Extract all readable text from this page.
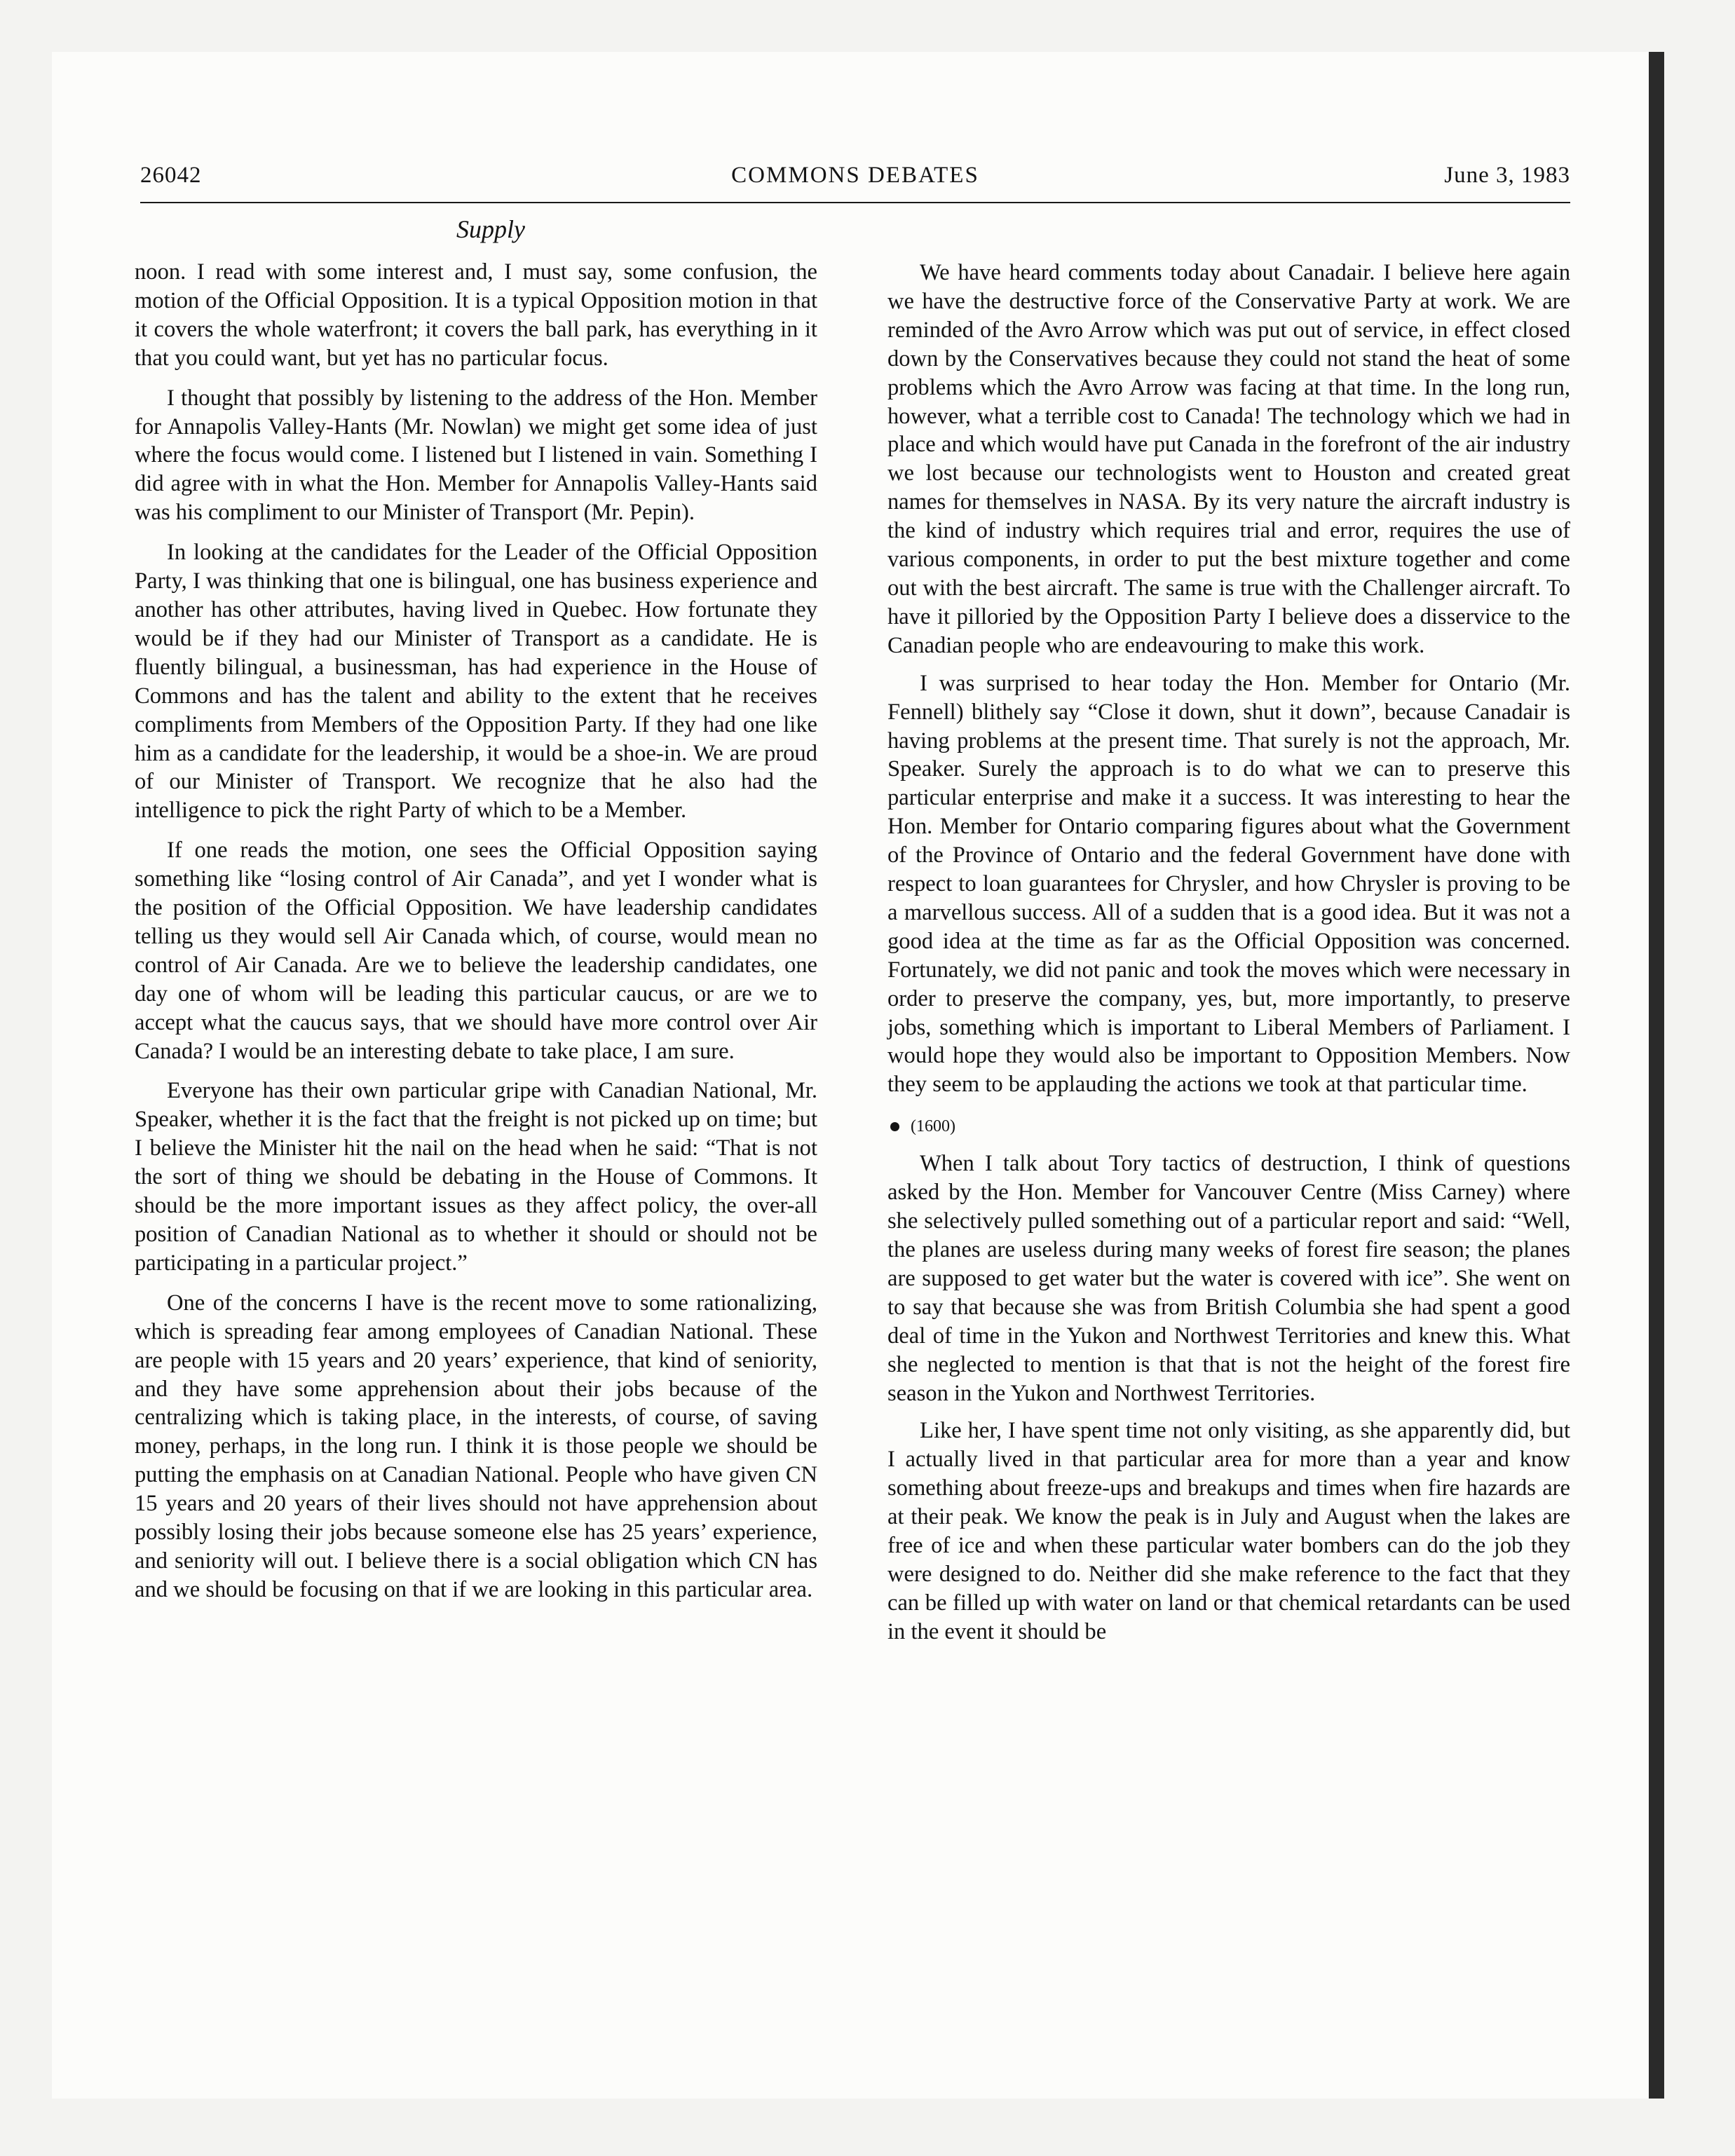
26042	COMMONS DEBATES	June 3, 1983
Supply

noon. I read with some interest and, I must say, some confusion, the motion of the Official Opposition. It is a typical Opposition motion in that it covers the whole waterfront; it covers the ball park, has everything in it that you could want, but yet has no particular focus.

I thought that possibly by listening to the address of the Hon. Member for Annapolis Valley-Hants (Mr. Nowlan) we might get some idea of just where the focus would come. I listened but I listened in vain. Something I did agree with in what the Hon. Member for Annapolis Valley-Hants said was his compliment to our Minister of Transport (Mr. Pepin).

In looking at the candidates for the Leader of the Official Opposition Party, I was thinking that one is bilingual, one has business experience and another has other attributes, having lived in Quebec. How fortunate they would be if they had our Minister of Transport as a candidate. He is fluently bilingual, a businessman, has had experience in the House of Commons and has the talent and ability to the extent that he receives compliments from Members of the Opposition Party. If they had one like him as a candidate for the leadership, it would be a shoe-in. We are proud of our Minister of Transport. We recognize that he also had the intelligence to pick the right Party of which to be a Member.

If one reads the motion, one sees the Official Opposition saying something like “losing control of Air Canada”, and yet I wonder what is the position of the Official Opposition. We have leadership candidates telling us they would sell Air Canada which, of course, would mean no control of Air Canada. Are we to believe the leadership candidates, one day one of whom will be leading this particular caucus, or are we to accept what the caucus says, that we should have more control over Air Canada? I would be an interesting debate to take place, I am sure.

Everyone has their own particular gripe with Canadian National, Mr. Speaker, whether it is the fact that the freight is not picked up on time; but I believe the Minister hit the nail on the head when he said: “That is not the sort of thing we should be debating in the House of Commons. It should be the more important issues as they affect policy, the over-all position of Canadian National as to whether it should or should not be participating in a particular project.”

One of the concerns I have is the recent move to some rationalizing, which is spreading fear among employees of Canadian National. These are people with 15 years and 20 years’ experience, that kind of seniority, and they have some apprehension about their jobs because of the centralizing which is taking place, in the interests, of course, of saving money, perhaps, in the long run. I think it is those people we should be putting the emphasis on at Canadian National. People who have given CN 15 years and 20 years of their lives should not have apprehension about possibly losing their jobs because someone else has 25 years’ experience, and seniority will out. I believe there is a social obligation which CN has and we should be focusing on that if we are looking in this particular area.

We have heard comments today about Canadair. I believe here again we have the destructive force of the Conservative Party at work. We are reminded of the Avro Arrow which was put out of service, in effect closed down by the Conservatives because they could not stand the heat of some problems which the Avro Arrow was facing at that time. In the long run, however, what a terrible cost to Canada! The technology which we had in place and which would have put Canada in the forefront of the air industry we lost because our technologists went to Houston and created great names for themselves in NASA. By its very nature the aircraft industry is the kind of industry which requires trial and error, requires the use of various components, in order to put the best mixture together and come out with the best aircraft. The same is true with the Challenger aircraft. To have it pilloried by the Opposition Party I believe does a disservice to the Canadian people who are endeavouring to make this work.

I was surprised to hear today the Hon. Member for Ontario (Mr. Fennell) blithely say “Close it down, shut it down”, because Canadair is having problems at the present time. That surely is not the approach, Mr. Speaker. Surely the approach is to do what we can to preserve this particular enterprise and make it a success. It was interesting to hear the Hon. Member for Ontario comparing figures about what the Government of the Province of Ontario and the federal Government have done with respect to loan guarantees for Chrysler, and how Chrysler is proving to be a marvellous success. All of a sudden that is a good idea. But it was not a good idea at the time as far as the Official Opposition was concerned. Fortunately, we did not panic and took the moves which were necessary in order to preserve the company, yes, but, more importantly, to preserve jobs, something which is important to Liberal Members of Parliament. I would hope they would also be important to Opposition Members. Now they seem to be applauding the actions we took at that particular time.

(1600)

When I talk about Tory tactics of destruction, I think of questions asked by the Hon. Member for Vancouver Centre (Miss Carney) where she selectively pulled something out of a particular report and said: “Well, the planes are useless during many weeks of forest fire season; the planes are supposed to get water but the water is covered with ice”. She went on to say that because she was from British Columbia she had spent a good deal of time in the Yukon and Northwest Territories and knew this. What she neglected to mention is that that is not the height of the forest fire season in the Yukon and Northwest Territories.

Like her, I have spent time not only visiting, as she apparently did, but I actually lived in that particular area for more than a year and know something about freeze-ups and breakups and times when fire hazards are at their peak. We know the peak is in July and August when the lakes are free of ice and when these particular water bombers can do the job they were designed to do. Neither did she make reference to the fact that they can be filled up with water on land or that chemical retardants can be used in the event it should be
